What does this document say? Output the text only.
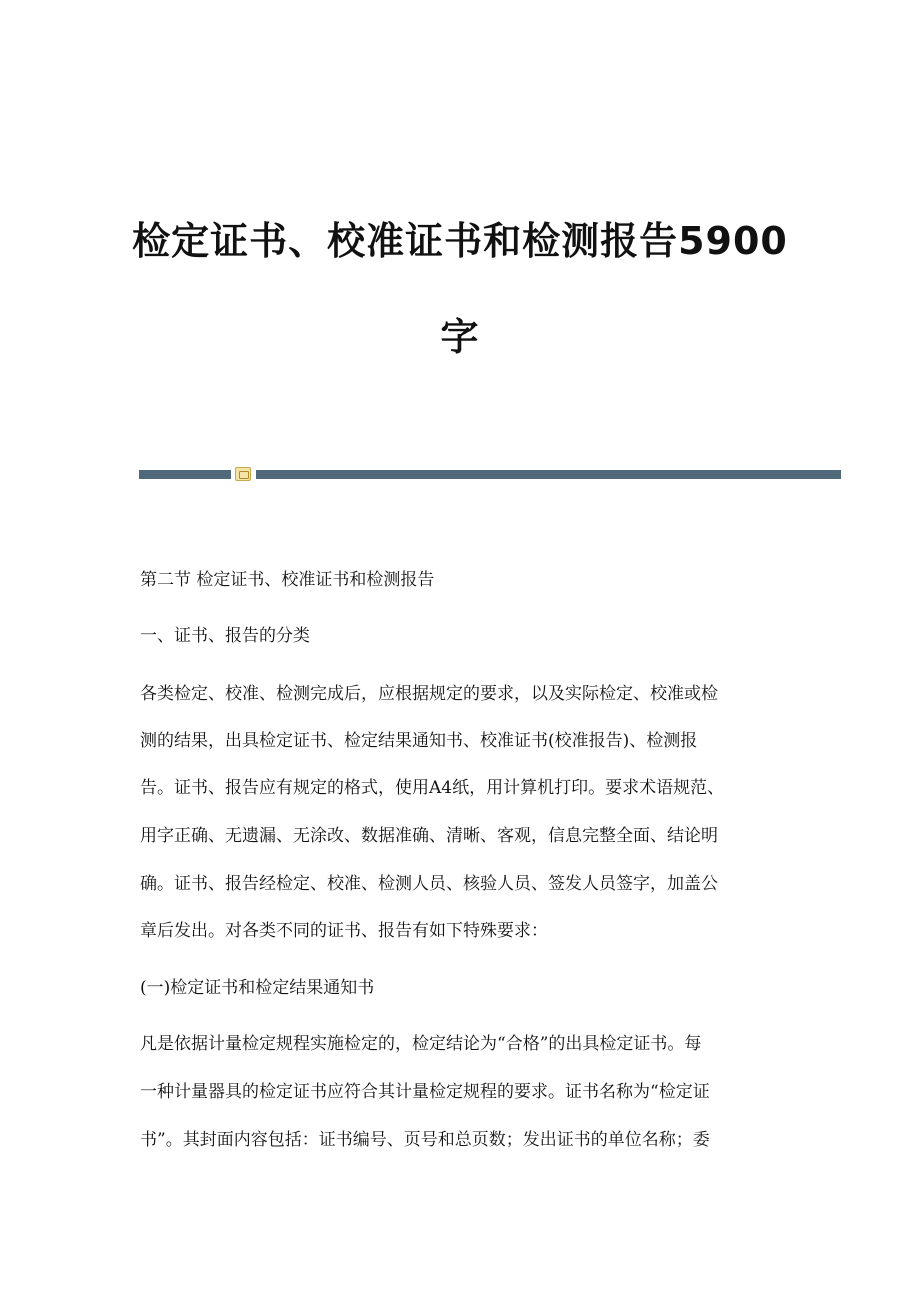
检定证书、校准证书和检测报告5900
字

第二节 检定证书、校准证书和检测报告

一、证书、报告的分类

各类检定、校准、检测完成后，应根据规定的要求，以及实际检定、校准或检

测的结果，出具检定证书、检定结果通知书、校准证书(校准报告)、检测报

告。证书、报告应有规定的格式，使用A4纸，用计算机打印。要求术语规范、

用字正确、无遗漏、无涂改、数据准确、清晰、客观，信息完整全面、结论明

确。证书、报告经检定、校准、检测人员、核验人员、签发人员签字，加盖公

章后发出。对各类不同的证书、报告有如下特殊要求：

(一)检定证书和检定结果通知书

凡是依据计量检定规程实施检定的，检定结论为“合格”的出具检定证书。每

一种计量器具的检定证书应符合其计量检定规程的要求。证书名称为“检定证

书”。其封面内容包括：证书编号、页号和总页数；发出证书的单位名称；委
